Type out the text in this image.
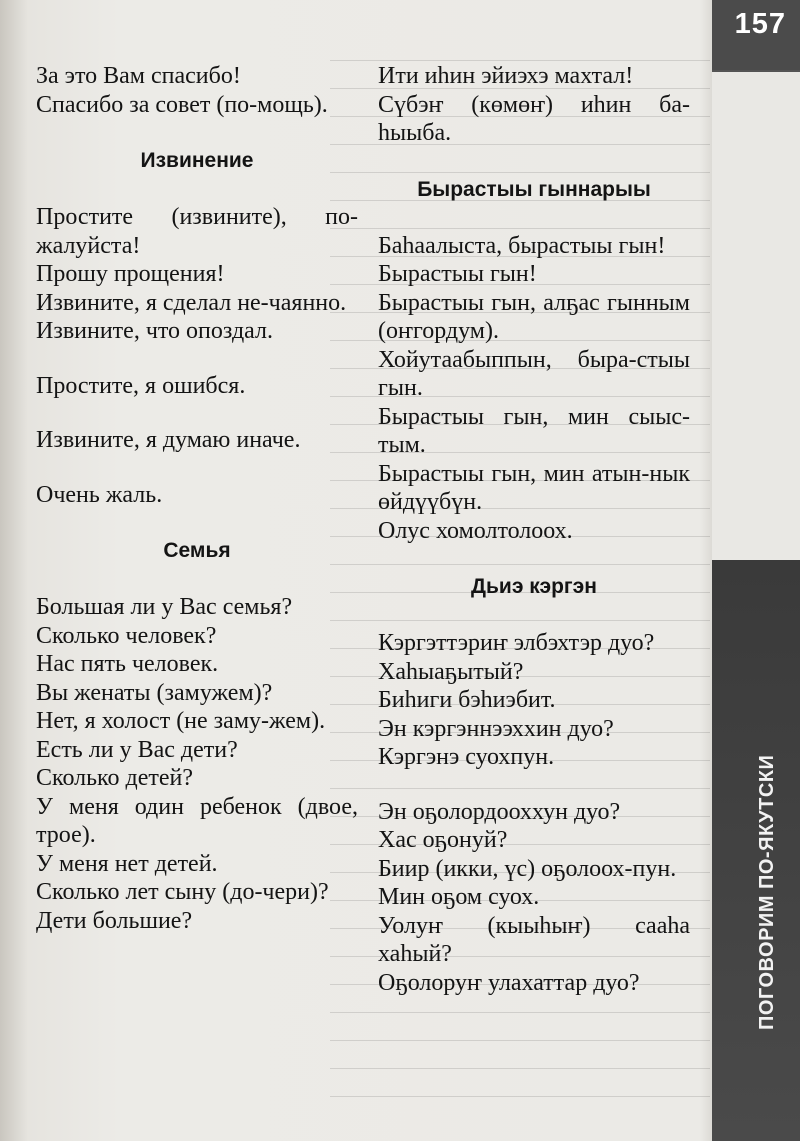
157
ПОГОВОРИМ ПО-ЯКУТСКИ

За это Вам спасибо!

Спасибо за совет (по-мощь).

Извинение

Простите (извините), по-жалуйста!

Прошу прощения!

Извините, я сделал не-чаянно.

Извините, что опоздал.

Простите, я ошибся.

Извините, я думаю иначе.

Очень жаль.

Семья

Большая ли у Вас семья?

Сколько человек?

Нас пять человек.

Вы женаты (замужем)?

Нет, я холост (не заму-жем).

Есть ли у Вас дети?

Сколько детей?

У меня один ребенок (двое, трое).

У меня нет детей.

Сколько лет сыну (до-чери)?

Дети большие?

Ити иһин эйиэхэ махтал!

Сүбэҥ (көмөҥ) иһин ба-һыыба.

Быраcтыы гыннарыы

Баһаалыста, бырастыы гын!

Бырастыы гын!

Бырастыы гын, алҕас гынным (оҥгордум).

Хойутаабыппын, быра-стыы гын.

Бырастыы гын, мин сыыс-тым.

Бырастыы гын, мин атын-нык өйдүүбүн.

Олус хомолтолоох.

Дьиэ кэргэн

Кэргэттэриҥ элбэхтэр дуо?

Хаһыаҕытый?

Биһиги бэһиэбит.

Эн кэргэннээххин дуо?

Кэргэнэ суохпун.

Эн оҕолордооххун дуо?

Хас оҕонуй?

Биир (икки, үс) оҕолоох-пун.

Мин оҕом суох.

Уолуҥ (кыыһыҥ) сааһа хаһый?

Оҕолоруҥ улахаттар дуо?
